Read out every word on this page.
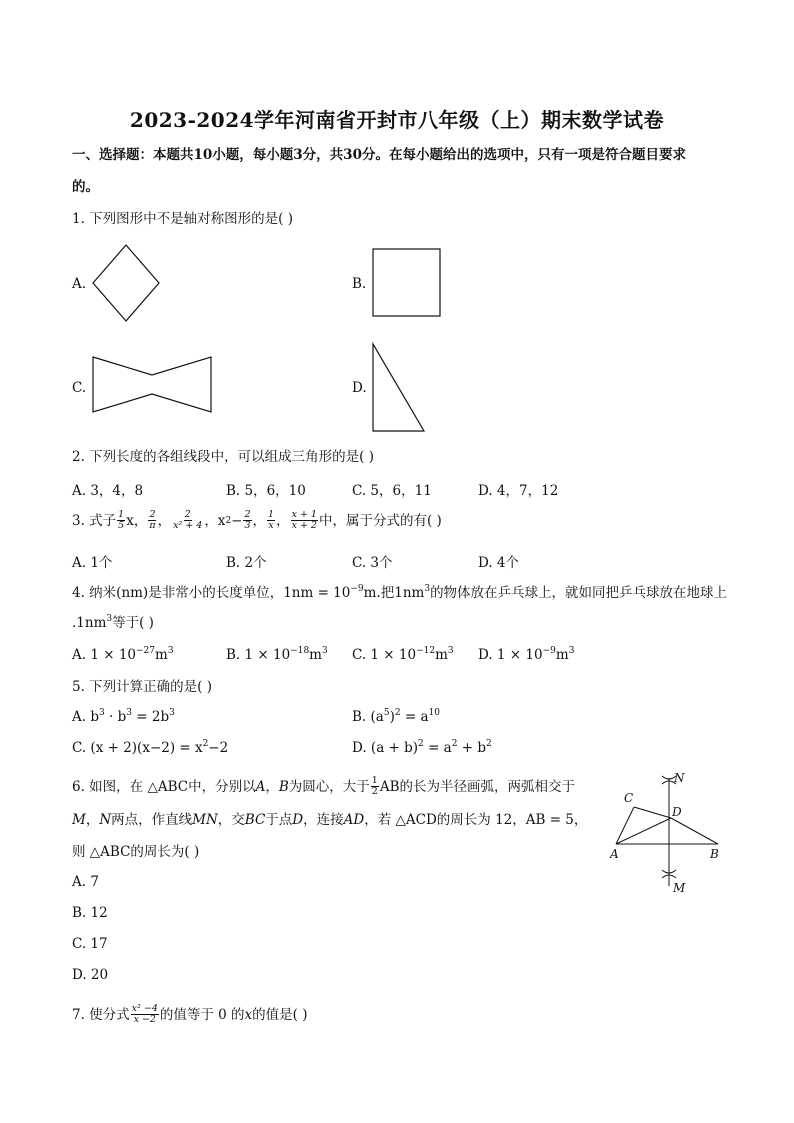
2023-2024学年河南省开封市八年级（上）期末数学试卷
一、选择题：本题共10小题，每小题3分，共30分。在每小题给出的选项中，只有一项是符合题目要求
的。
1. 下列图形中不是轴对称图形的是( )
A.	B.
C.	D.
2. 下列长度的各组线段中，可以组成三角形的是( )
A. 3，4，8	B. 5，6，10	C. 5，6，11	D. 4，7，12
3. 式子 $\frac{1}{5}$ x， $\frac{2}{\pi}$ ， $\frac{2}{\text{x² + 4}}$ ，x $2 - \frac{2}{3}$ ， $\frac{1}{x}$ ， $\frac{x + 1}{x + 2}$ 中，属于分式的有( )
A. 1个	B. 2个	C. 3个	D. 4个
4. 纳米(nm)是非常小的长度单位，$1nm = 10^{-9}m$.把$1nm^3$的物体放在乒乓球上，就如同把乒乓球放在地球上
$.1nm^3$等于( )
A. $1 \times 10^{-27}m^3$	B. $1 \times 10^{-18}m^3$ C. $1 \times 10^{-12}m^3$ D. $1 \times 10^{-9}m^3$
5. 下列计算正确的是( )
A. $b^3 \cdot b^3 = 2b^3$	B. $(a^5)^2 = a^{10}$
C. $(x + 2)(x-2) = x^2-2$	D. $(a + b)^2 = a^2 + b^2$
6. 如图，在 △ABC中，分别以 A ， B 为圆心，大于 $\frac{1}{2}$ AB的长为半径画弧，两弧相交于
M，N两点，作直线MN，交BC于点D，连接AD，若 △ACD的周长为 12，AB = 5，
则 △ABC的周长为( )
A. 7
B. 12
C. 17
D. 20
N
C
D
A	B
M
7. 使分式 $\frac{\text{x² −4}}{x -2}$ 的值等于 0 的 x 的值是( )
